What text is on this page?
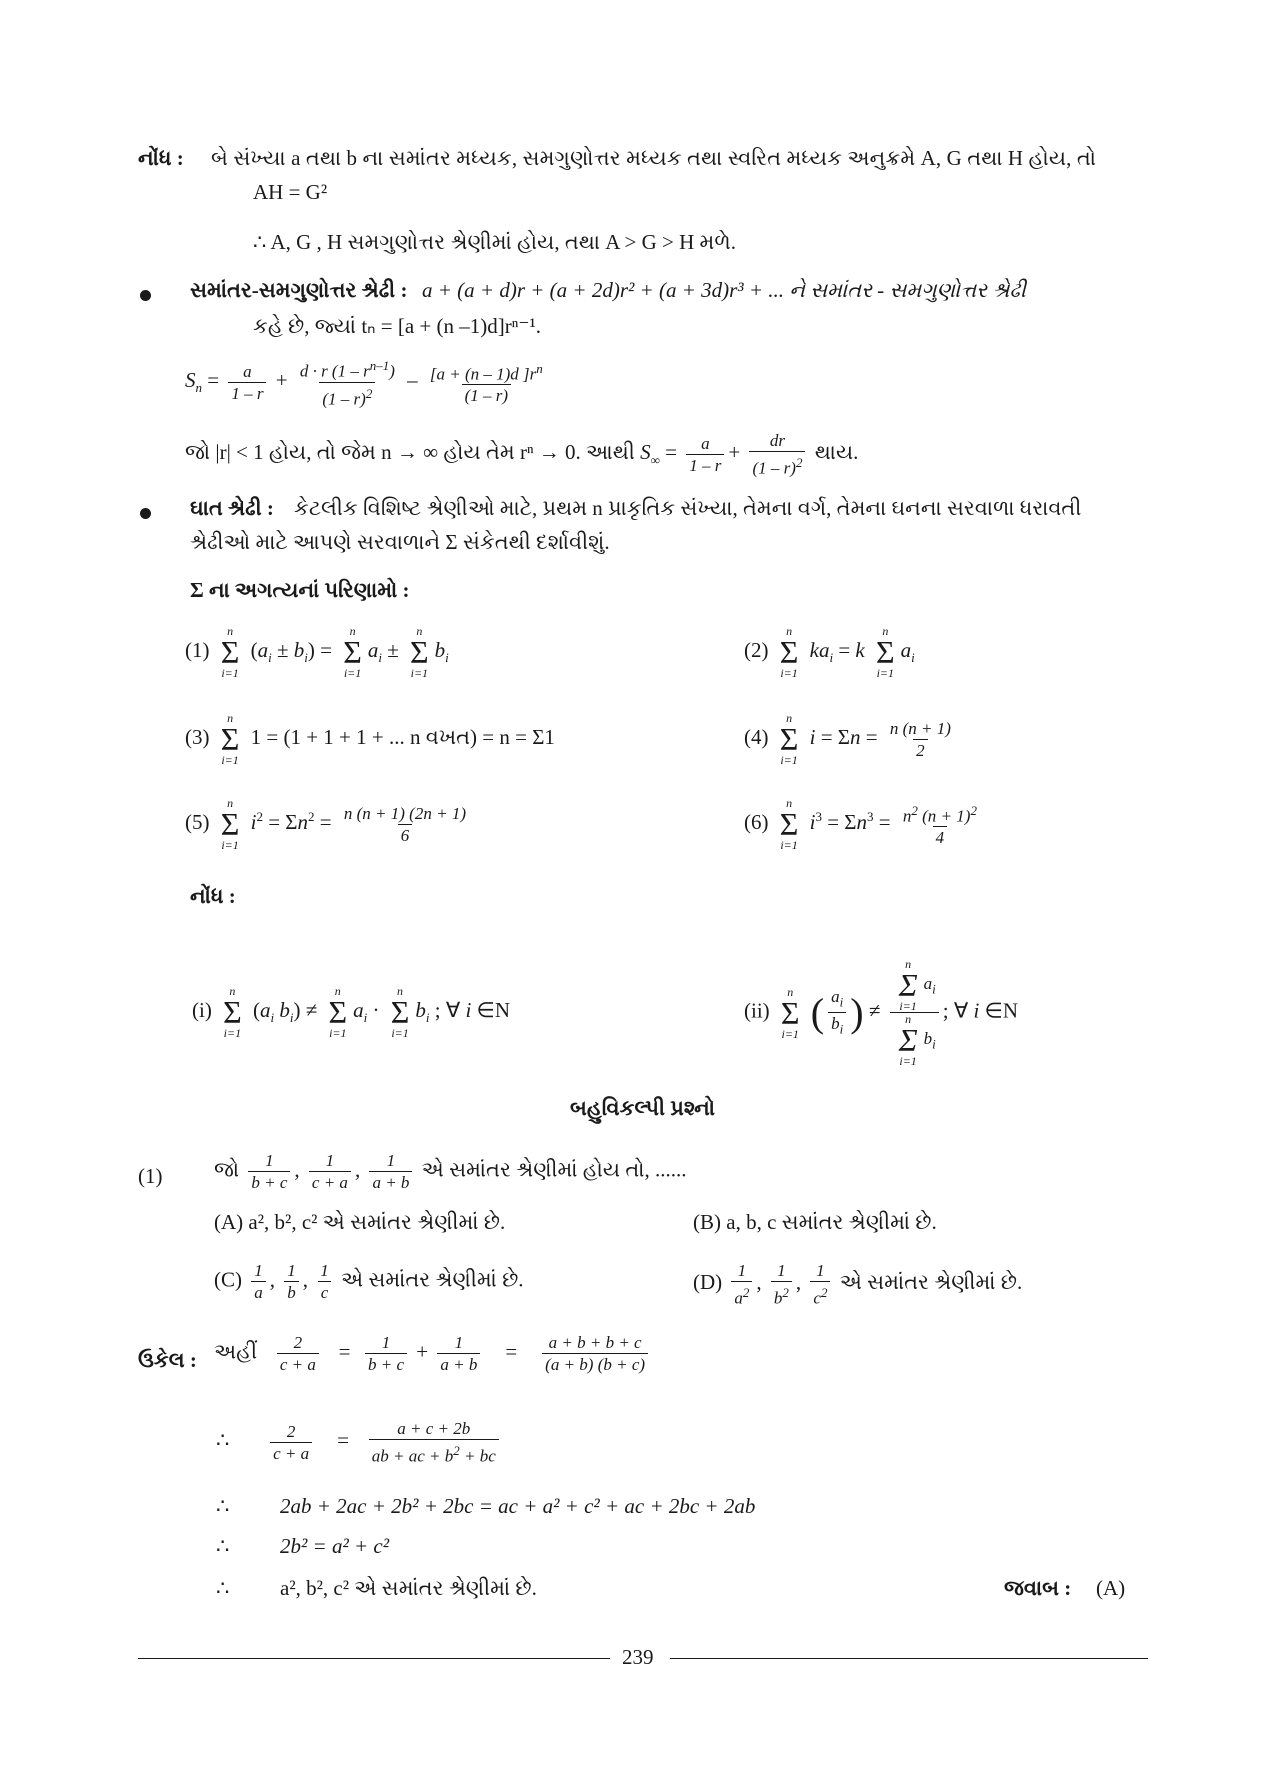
નોંધ : બે સંખ્યા a તથા b ના સમાંતર મધ્યક, સમગુણોત્તર મધ્યક તથા સ્વરિત મધ્યક અનુક્રમે A, G તથા H હોય, તો
AH = G²
∴ A, G , H સમગુણોત્તર શ્રેણીમાં હોય, તથા A > G > H મળે.
સમાંતર-સમગુણોત્તર શ્રેઢી : a + (a + d)r + (a + 2d)r² + (a + 3d)r³ + ... ને સમાંતર - સમગુણોત્તર શ્રેઢી
કહે છે, જ્યાં tₙ = [a + (n –1)d]rⁿ⁻¹.
$S_n = \frac{a}{1 - r} + \frac{d \cdot r (1 - r^{n-1})}{(1 - r)^2} - \frac{[a + (n - 1)d ]r^n}{(1 - r)}$
જો |r| < 1 હોય, તો જેમ n → ∞ હોય તેમ rⁿ → 0. આથી $S_\infty = \frac{a}{1 - r} + \frac{dr}{(1 - r)^2}$ થાય.
ઘાત શ્રેઢી : કેટલીક વિશિષ્ટ શ્રેણીઓ માટે, પ્રથમ n પ્રાકૃતિક સંખ્યા, તેમના વર્ગ, તેમના ઘનના સરવાળા ધરાવતી
શ્રેઢીઓ માટે આપણે સરવાળાને Σ સંકેતથી દર્શાવીશું.
Σ ના અગત્યનાં પરિણામો :
(1)
n
Σ
i=1
$(a_i \pm b_i)$ =
n
Σ
i=1
$a_i$ ±
n
Σ
i=1
$b_i$	(2)
n
Σ
i=1
$ka_i = k$
n
Σ
i=1
$a_i$
(3)
n
Σ
i=1
1 = (1 + 1 + 1 + ... n વખત) = n = Σ1	(4)
n
Σ
i=1
$i = \Sigma n = \frac{n (n + 1)}{2}$
(5)
n
Σ
i=1
$i^2 = \Sigma n^2 = \frac{n (n + 1) (2n + 1)}{6}$	(6)
n
Σ
i=1
$i^3 = \Sigma n^3 = \frac{n^2 (n + 1)^2}{4}$
નોંધ :
(i)
n
Σ
i=1
($a_i$ $b_i$) ≠
n
Σ
i=1
$a_i$ ·
n
Σ
i=1
$b_i$ ; ∀ i ∈N	(ii)
n
Σ
i=1 ( $\frac{a_i}{b_i}$ ) ≠ n
Σ
i=1
$a_i$
n
Σ
i=1
$b_i$ ; ∀ i ∈N
બહુવિકલ્પી પ્રશ્નો
(1) જો $\frac{1}{b + c}$ , $\frac{1}{c + a}$ , $\frac{1}{a + b}$ એ સમાંતર શ્રેણીમાં હોય તો, ......
(A) a², b², c² એ સમાંતર શ્રેણીમાં છે.	(B) a, b, c સમાંતર શ્રેણીમાં છે.
$(C) \frac{1}{a}$ , $\frac{1}{b}$ , $\frac{1}{c}$ એ સમાંતર શ્રેણીમાં છે.	$(D) \frac{1}{a^2}$ , $\frac{1}{b^2}$ , $\frac{1}{c^2}$ એ સમાંતર શ્રેણીમાં છે.
ઉકેલ : અહીં $\frac{2}{c + a} = \frac{1}{b + c} + \frac{1}{a + b} = \frac{a + b + b + c}{(a + b) (b + c)}$
∴ $\frac{2}{c + a} = \frac{a + c + 2b}{ab + ac + b^2 + bc}$
∴ 2ab + 2ac + 2b² + 2bc = ac + a² + c² + ac + 2bc + 2ab
∴ 2b² = a² + c²
∴ a², b², c² એ સમાંતર શ્રેણીમાં છે.	જવાબ : (A)
239
